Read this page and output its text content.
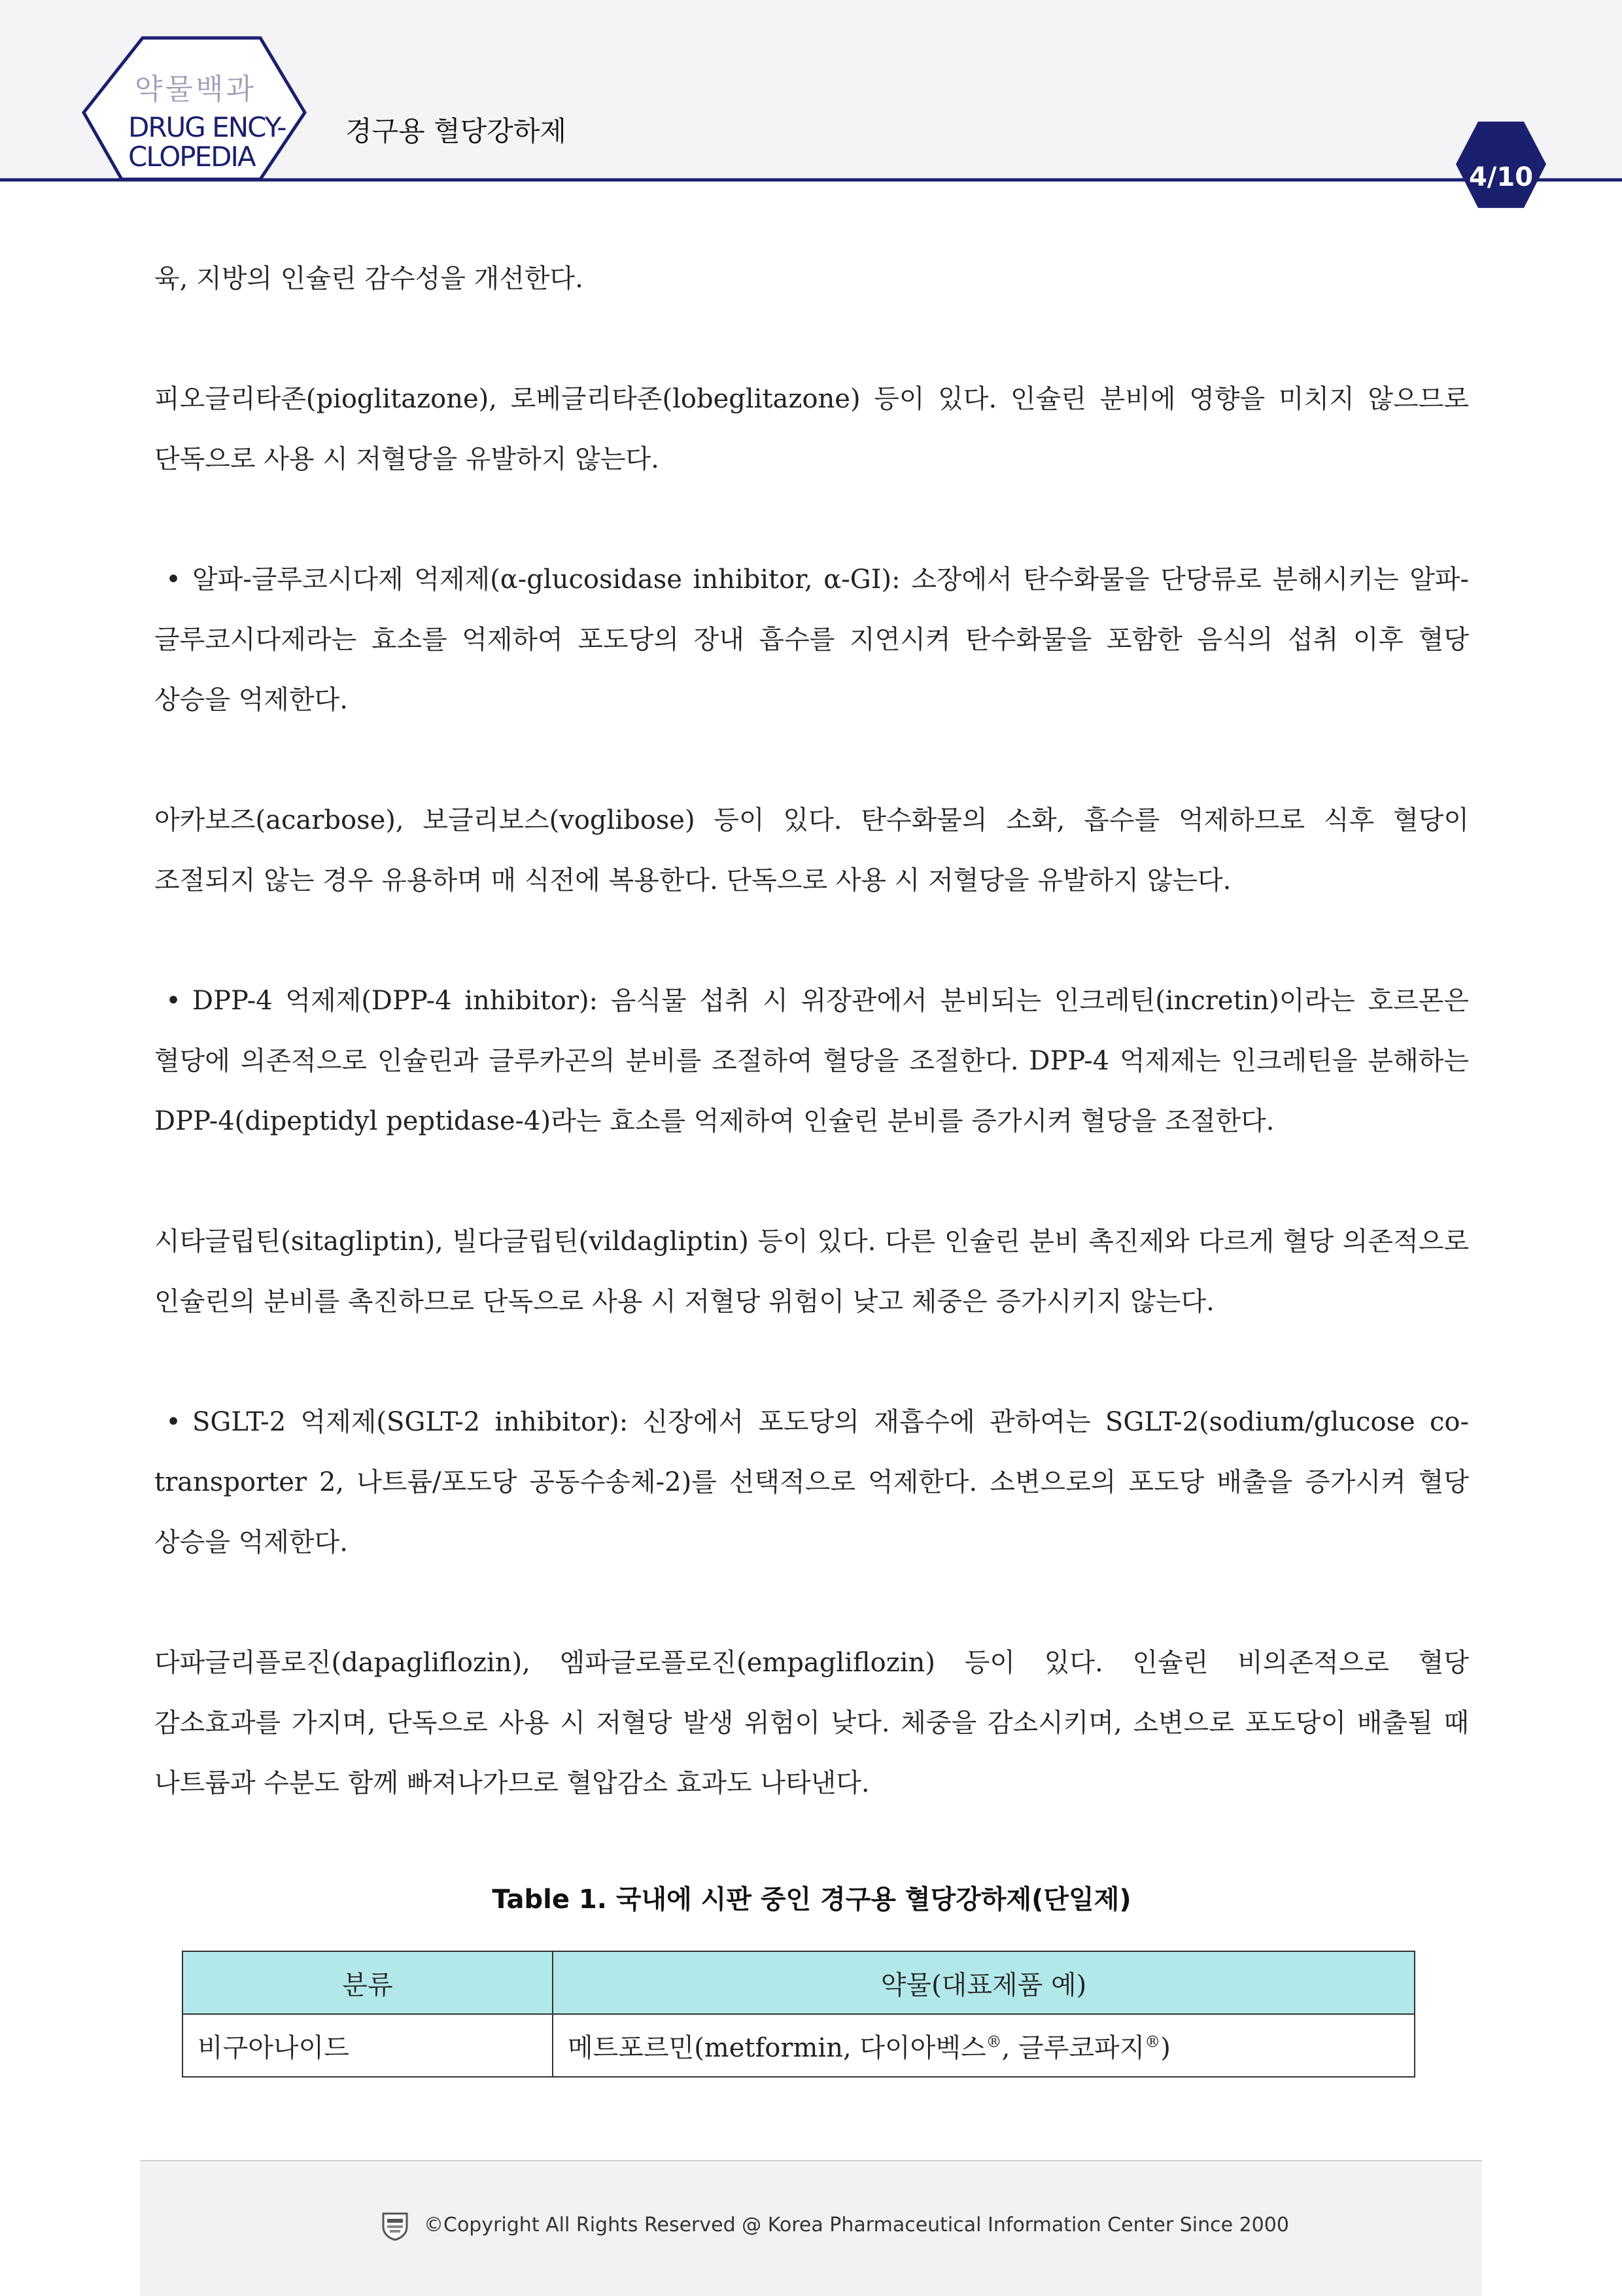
약물백과
DRUG ENCY-
CLOPEDIA
경구용 혈당강하제
4/10

육, 지방의 인슐린 감수성을 개선한다.

피오글리타존(pioglitazone), 로베글리타존(lobeglitazone) 등이 있다. 인슐린 분비에 영향을 미치지 않으므로 단독으로 사용 시 저혈당을 유발하지 않는다.

• 알파-글루코시다제 억제제(α-glucosidase inhibitor, α-GI): 소장에서 탄수화물을 단당류로 분해시키는 알파-글루코시다제라는 효소를 억제하여 포도당의 장내 흡수를 지연시켜 탄수화물을 포함한 음식의 섭취 이후 혈당 상승을 억제한다.

아카보즈(acarbose), 보글리보스(voglibose) 등이 있다. 탄수화물의 소화, 흡수를 억제하므로 식후 혈당이 조절되지 않는 경우 유용하며 매 식전에 복용한다. 단독으로 사용 시 저혈당을 유발하지 않는다.

• DPP-4 억제제(DPP-4 inhibitor): 음식물 섭취 시 위장관에서 분비되는 인크레틴(incretin)이라는 호르몬은 혈당에 의존적으로 인슐린과 글루카곤의 분비를 조절하여 혈당을 조절한다. DPP-4 억제제는 인크레틴을 분해하는 DPP-4(dipeptidyl peptidase-4)라는 효소를 억제하여 인슐린 분비를 증가시켜 혈당을 조절한다.

시타글립틴(sitagliptin), 빌다글립틴(vildagliptin) 등이 있다. 다른 인슐린 분비 촉진제와 다르게 혈당 의존적으로 인슐린의 분비를 촉진하므로 단독으로 사용 시 저혈당 위험이 낮고 체중은 증가시키지 않는다.

• SGLT-2 억제제(SGLT-2 inhibitor): 신장에서 포도당의 재흡수에 관하여는 SGLT-2(sodium/glucose co-transporter 2, 나트륨/포도당 공동수송체-2)를 선택적으로 억제한다. 소변으로의 포도당 배출을 증가시켜 혈당 상승을 억제한다.

다파글리플로진(dapagliflozin), 엠파글로플로진(empagliflozin) 등이 있다. 인슐린 비의존적으로 혈당 감소효과를 가지며, 단독으로 사용 시 저혈당 발생 위험이 낮다. 체중을 감소시키며, 소변으로 포도당이 배출될 때 나트륨과 수분도 함께 빠져나가므로 혈압감소 효과도 나타낸다.

Table 1. 국내에 시판 중인 경구용 혈당강하제(단일제)
분류	약물(대표제품 예)
비구아나이드	메트포르민(metformin, 다이아벡스®, 글루코파지®)
©Copyright All Rights Reserved @ Korea Pharmaceutical Information Center Since 2000
